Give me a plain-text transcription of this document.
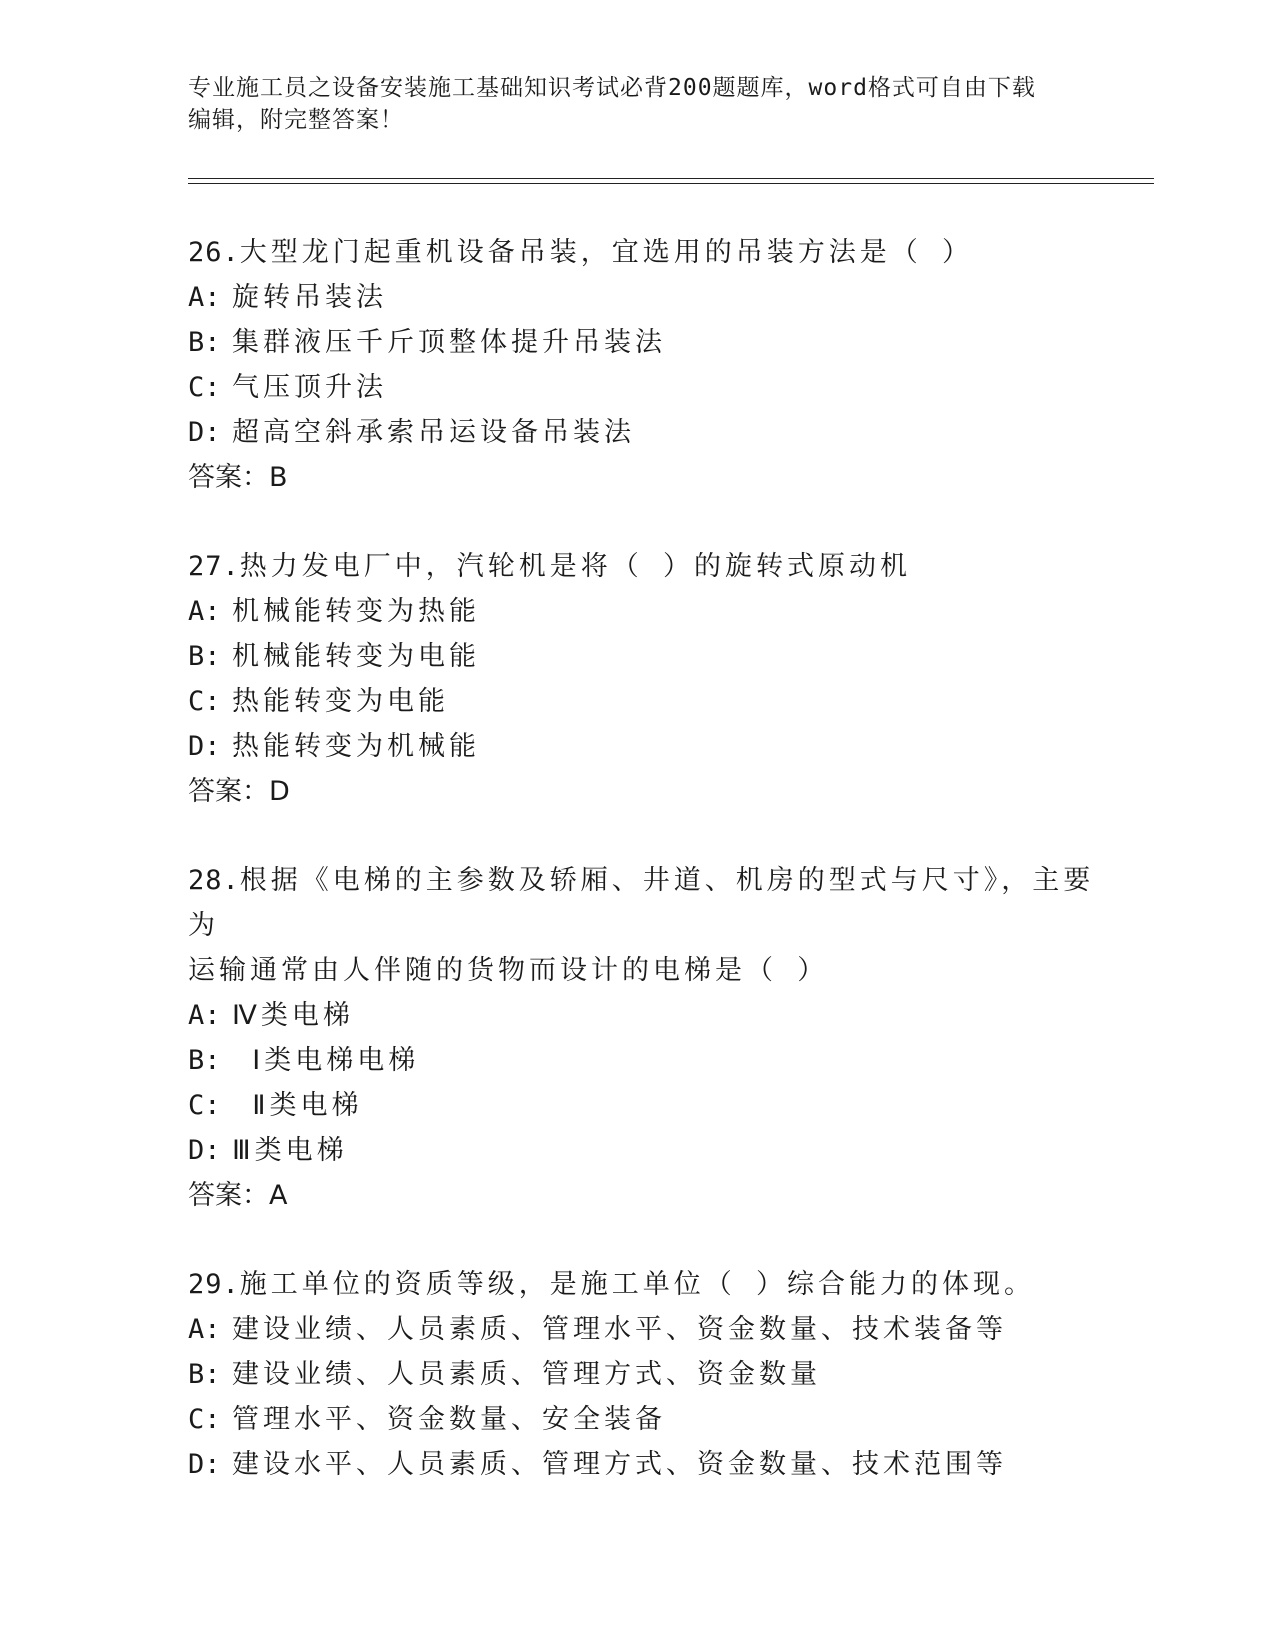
专业施工员之设备安装施工基础知识考试必背200题题库，word格式可自由下载
编辑，附完整答案！

26.大型龙门起重机设备吊装，宜选用的吊装方法是（ ）

A: 旋转吊装法

B: 集群液压千斤顶整体提升吊装法

C: 气压顶升法

D: 超高空斜承索吊运设备吊装法

答案：B

27.热力发电厂中，汽轮机是将（ ）的旋转式原动机

A: 机械能转变为热能

B: 机械能转变为电能

C: 热能转变为电能

D: 热能转变为机械能

答案：D

28.根据《电梯的主参数及轿厢、井道、机房的型式与尺寸》，主要为

运输通常由人伴随的货物而设计的电梯是（ ）

A: Ⅳ类电梯

B: Ⅰ类电梯电梯

C: Ⅱ类电梯

D: Ⅲ类电梯

答案：A

29.施工单位的资质等级，是施工单位（ ）综合能力的体现。

A: 建设业绩、人员素质、管理水平、资金数量、技术装备等

B: 建设业绩、人员素质、管理方式、资金数量

C: 管理水平、资金数量、安全装备

D: 建设水平、人员素质、管理方式、资金数量、技术范围等
